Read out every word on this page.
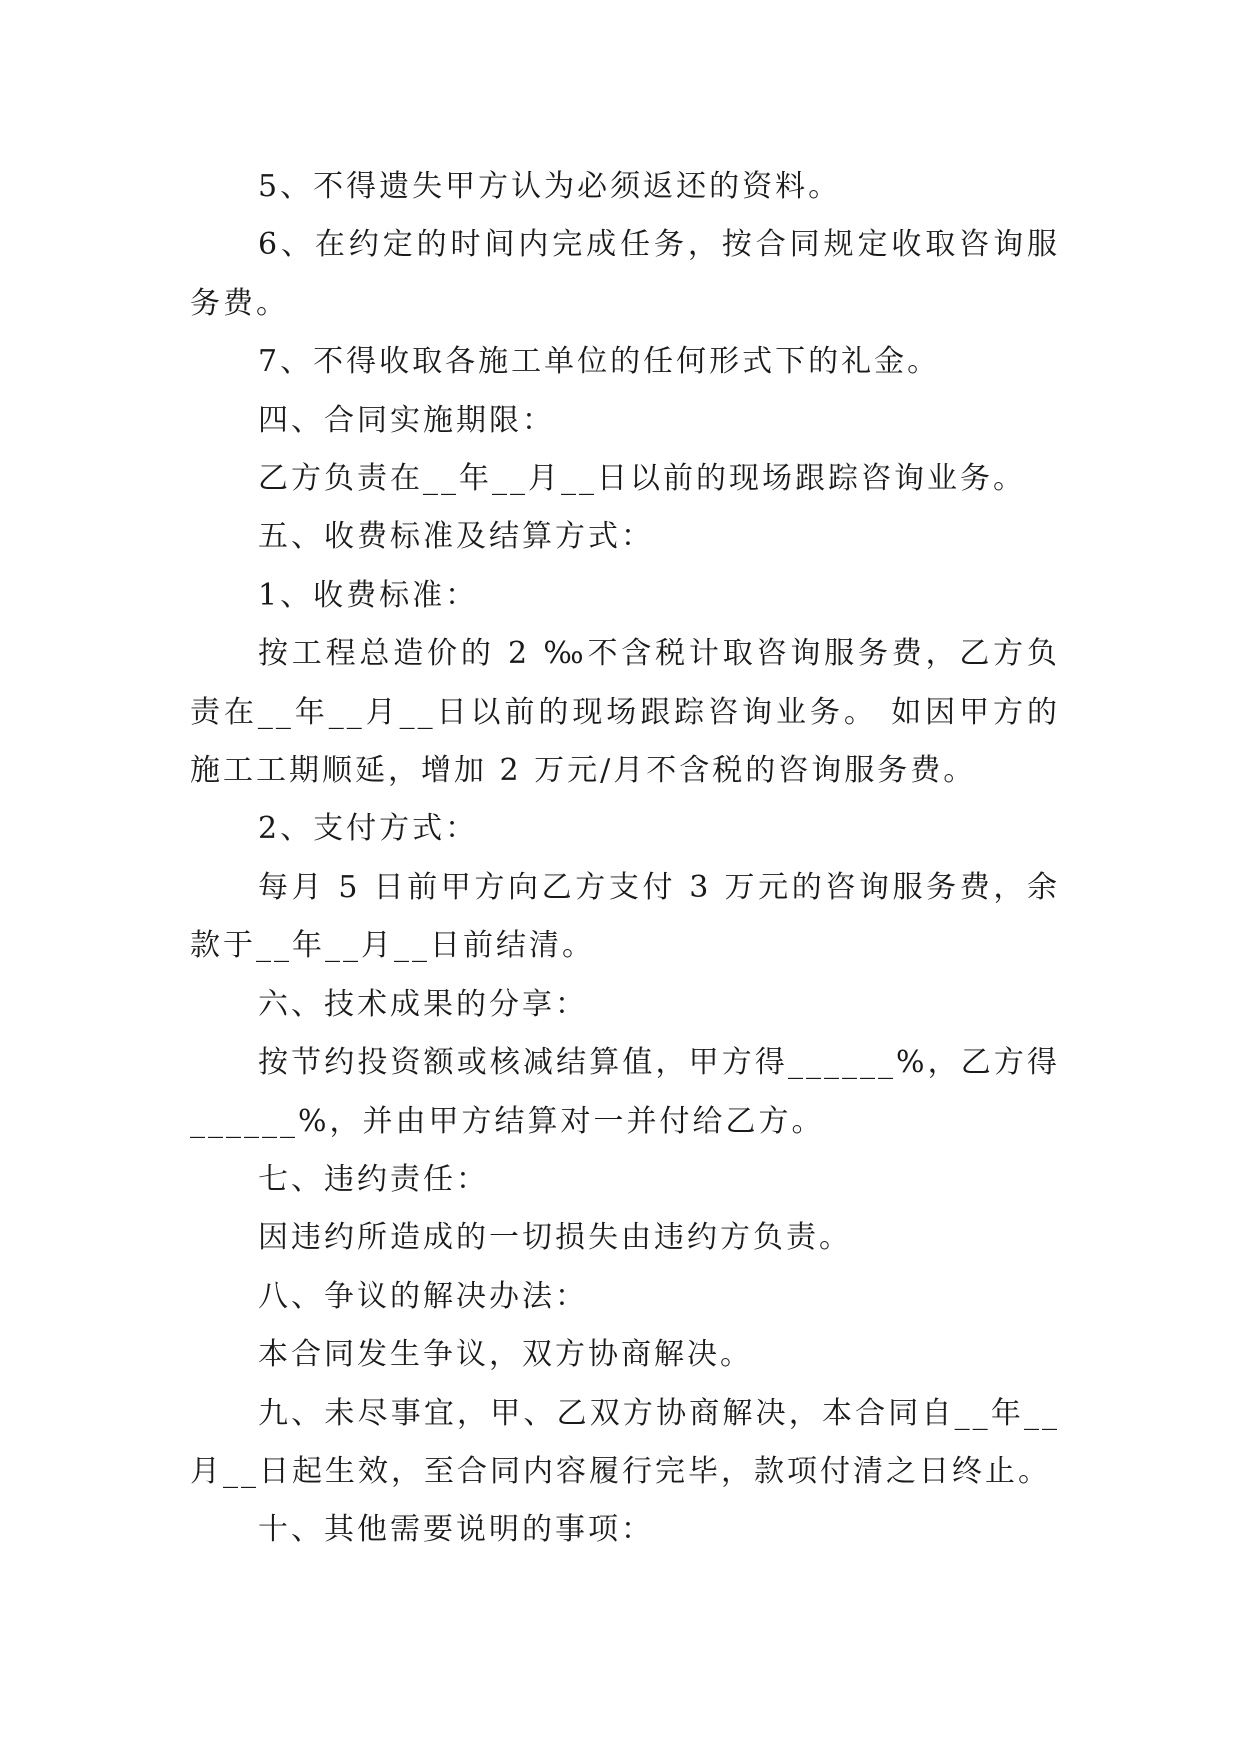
5、不得遗失甲方认为必须返还的资料。

6、在约定的时间内完成任务，按合同规定收取咨询服务费。

7、不得收取各施工单位的任何形式下的礼金。

四、合同实施期限：

乙方负责在__年__月__日以前的现场跟踪咨询业务。

五、收费标准及结算方式：

1、收费标准：

按工程总造价的 2 ‰不含税计取咨询服务费，乙方负责在__年__月__日以前的现场跟踪咨询业务。 如因甲方的施工工期顺延，增加 2 万元/月不含税的咨询服务费。

2、支付方式：

每月 5 日前甲方向乙方支付 3 万元的咨询服务费，余款于__年__月__日前结清。

六、技术成果的分享：

按节约投资额或核减结算值，甲方得______%，乙方得______%，并由甲方结算对一并付给乙方。

七、违约责任：

因违约所造成的一切损失由违约方负责。

八、争议的解决办法：

本合同发生争议，双方协商解决。

九、未尽事宜，甲、乙双方协商解决，本合同自__年__月__日起生效，至合同内容履行完毕，款项付清之日终止。

十、其他需要说明的事项：
